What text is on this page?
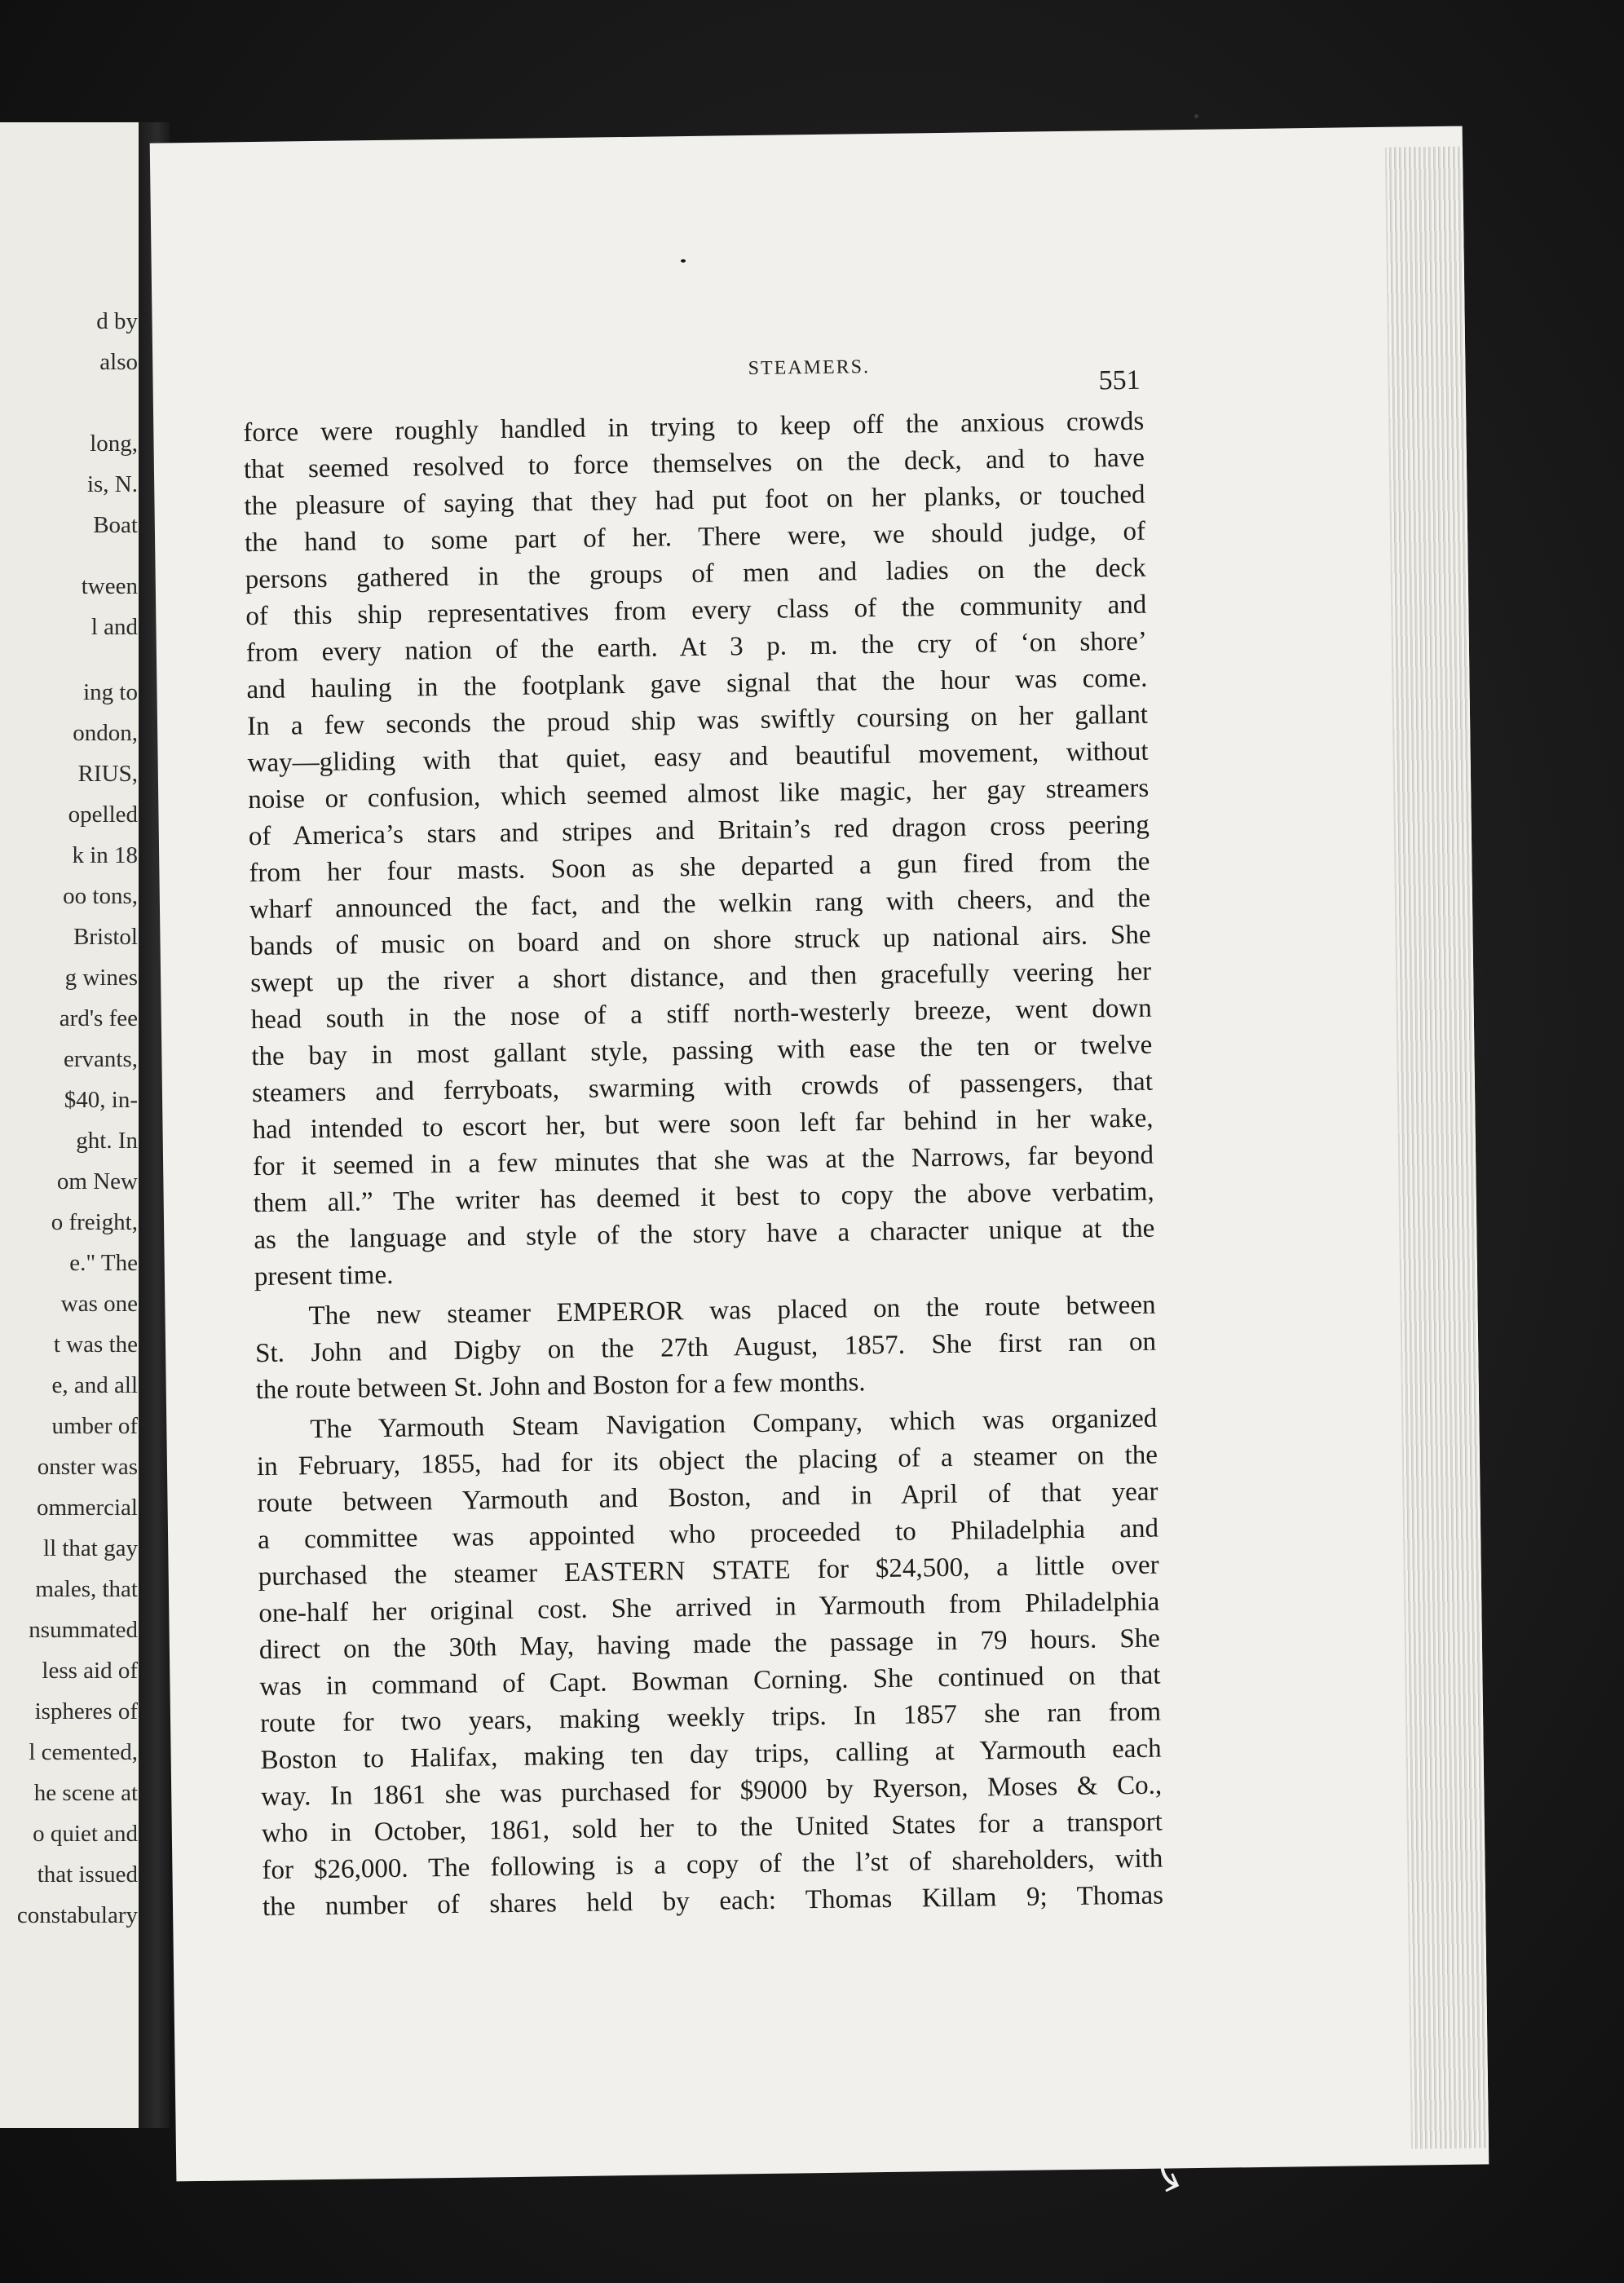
d by
also
long,
is, N.
Boat
tween
l and
ing to
ondon,
RIUS,
opelled
k in 18
oo tons,
Bristol
g wines
ard's fee
ervants,
$40, in-
ght. In
om New
o freight,
e." The
was one
t was the
e, and all
umber of
onster was
ommercial
ll that gay
males, that
nsummated
less aid of
ispheres of
l cemented,
he scene at
o quiet and
that issued
constabulary
STEAMERS.	551
force were roughly handled in trying to keep off the anxious crowds
that seemed resolved to force themselves on the deck, and to have
the pleasure of saying that they had put foot on her planks, or touched
the hand to some part of her. There were, we should judge, of
persons gathered in the groups of men and ladies on the deck
of this ship representatives from every class of the community and
from every nation of the earth. At 3 p. m. the cry of ‘on shore’
and hauling in the footplank gave signal that the hour was come.
In a few seconds the proud ship was swiftly coursing on her gallant
way—gliding with that quiet, easy and beautiful movement, without
noise or confusion, which seemed almost like magic, her gay streamers
of America’s stars and stripes and Britain’s red dragon cross peering
from her four masts. Soon as she departed a gun fired from the
wharf announced the fact, and the welkin rang with cheers, and the
bands of music on board and on shore struck up national airs. She
swept up the river a short distance, and then gracefully veering her
head south in the nose of a stiff north-westerly breeze, went down
the bay in most gallant style, passing with ease the ten or twelve
steamers and ferryboats, swarming with crowds of passengers, that
had intended to escort her, but were soon left far behind in her wake,
for it seemed in a few minutes that she was at the Narrows, far beyond
them all.” The writer has deemed it best to copy the above verbatim,
as the language and style of the story have a character unique at the
present time.
The new steamer EMPEROR was placed on the route between
St. John and Digby on the 27th August, 1857. She first ran on
the route between St. John and Boston for a few months.
The Yarmouth Steam Navigation Company, which was organized
in February, 1855, had for its object the placing of a steamer on the
route between Yarmouth and Boston, and in April of that year
a committee was appointed who proceeded to Philadelphia and
purchased the steamer EASTERN STATE for $24,500, a little over
one-half her original cost. She arrived in Yarmouth from Philadelphia
direct on the 30th May, having made the passage in 79 hours. She
was in command of Capt. Bowman Corning. She continued on that
route for two years, making weekly trips. In 1857 she ran from
Boston to Halifax, making ten day trips, calling at Yarmouth each
way. In 1861 she was purchased for $9000 by Ryerson, Moses & Co.,
who in October, 1861, sold her to the United States for a transport
for $26,000. The following is a copy of the l’st of shareholders, with
the number of shares held by each: Thomas Killam 9; Thomas
⤹
